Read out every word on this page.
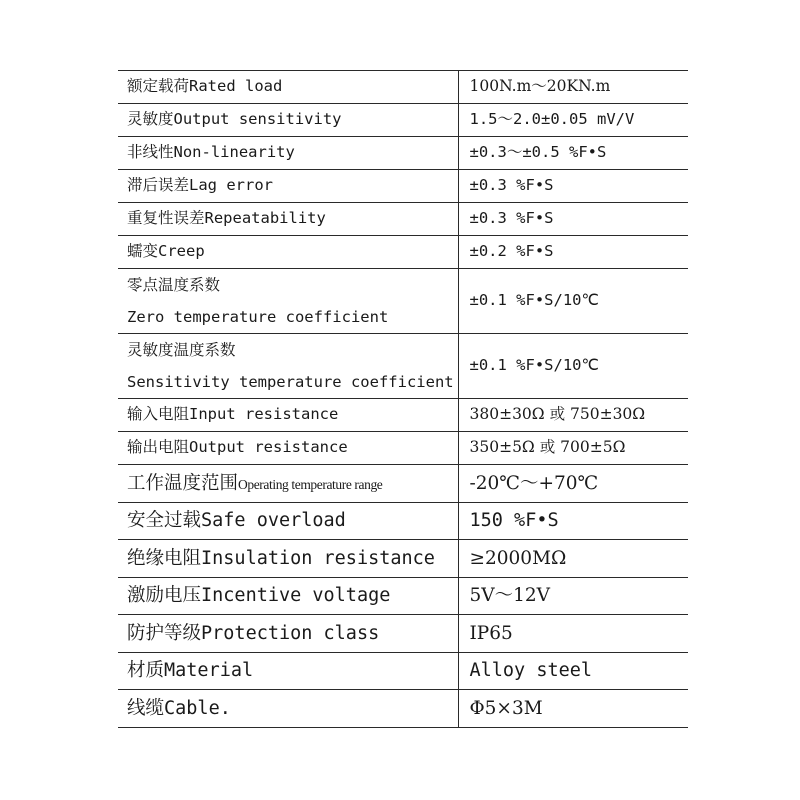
额定载荷Rated load	100N.m～20KN.m
灵敏度Output sensitivity	1.5～2.0±0.05 mV/V
非线性Non-linearity	±0.3～±0.5 %F•S
滞后误差Lag error	±0.3 %F•S
重复性误差Repeatability	±0.3 %F•S
蠕变Creep	±0.2 %F•S

零点温度系数
Zero temperature coefficient	±0.1 %F•S/10℃

灵敏度温度系数
Sensitivity temperature coefficient	±0.1 %F•S/10℃
输入电阻Input resistance	380±30Ω 或 750±30Ω
输出电阻Output resistance	350±5Ω 或 700±5Ω
工作温度范围Operating temperature range	-20℃～+70℃
安全过载Safe overload	150 %F•S
绝缘电阻Insulation resistance	≥2000MΩ
激励电压Incentive voltage	5V～12V
防护等级Protection class	IP65
材质Material	Alloy steel
线缆Cable.	Φ5×3M
